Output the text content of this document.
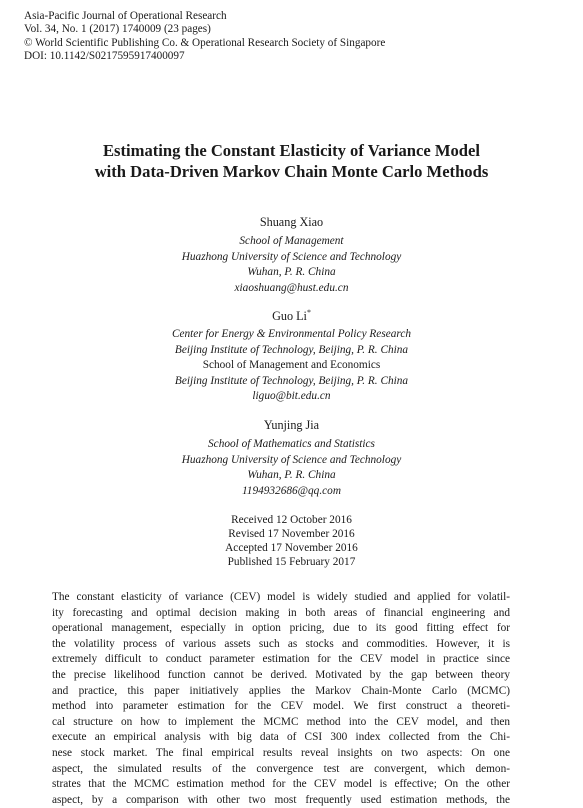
Asia-Pacific Journal of Operational Research
Vol. 34, No. 1 (2017) 1740009 (23 pages)
© World Scientific Publishing Co. & Operational Research Society of Singapore
DOI: 10.1142/S0217595917400097
Estimating the Constant Elasticity of Variance Model
with Data-Driven Markov Chain Monte Carlo Methods
Shuang Xiao
School of Management
Huazhong University of Science and Technology
Wuhan, P. R. China
xiaoshuang@hust.edu.cn
Guo Li*
Center for Energy & Environmental Policy Research
Beijing Institute of Technology, Beijing, P. R. China
School of Management and Economics
Beijing Institute of Technology, Beijing, P. R. China
liguo@bit.edu.cn
Yunjing Jia
School of Mathematics and Statistics
Huazhong University of Science and Technology
Wuhan, P. R. China
1194932686@qq.com
Received 12 October 2016
Revised 17 November 2016
Accepted 17 November 2016
Published 15 February 2017
The constant elasticity of variance (CEV) model is widely studied and applied for volatil-
ity forecasting and optimal decision making in both areas of financial engineering and
operational management, especially in option pricing, due to its good fitting effect for
the volatility process of various assets such as stocks and commodities. However, it is
extremely difficult to conduct parameter estimation for the CEV model in practice since
the precise likelihood function cannot be derived. Motivated by the gap between theory
and practice, this paper initiatively applies the Markov Chain-Monte Carlo (MCMC)
method into parameter estimation for the CEV model. We first construct a theoreti-
cal structure on how to implement the MCMC method into the CEV model, and then
execute an empirical analysis with big data of CSI 300 index collected from the Chi-
nese stock market. The final empirical results reveal insights on two aspects: On one
aspect, the simulated results of the convergence test are convergent, which demon-
strates that the MCMC estimation method for the CEV model is effective; On the other
aspect, by a comparison with other two most frequently used estimation methods, the
